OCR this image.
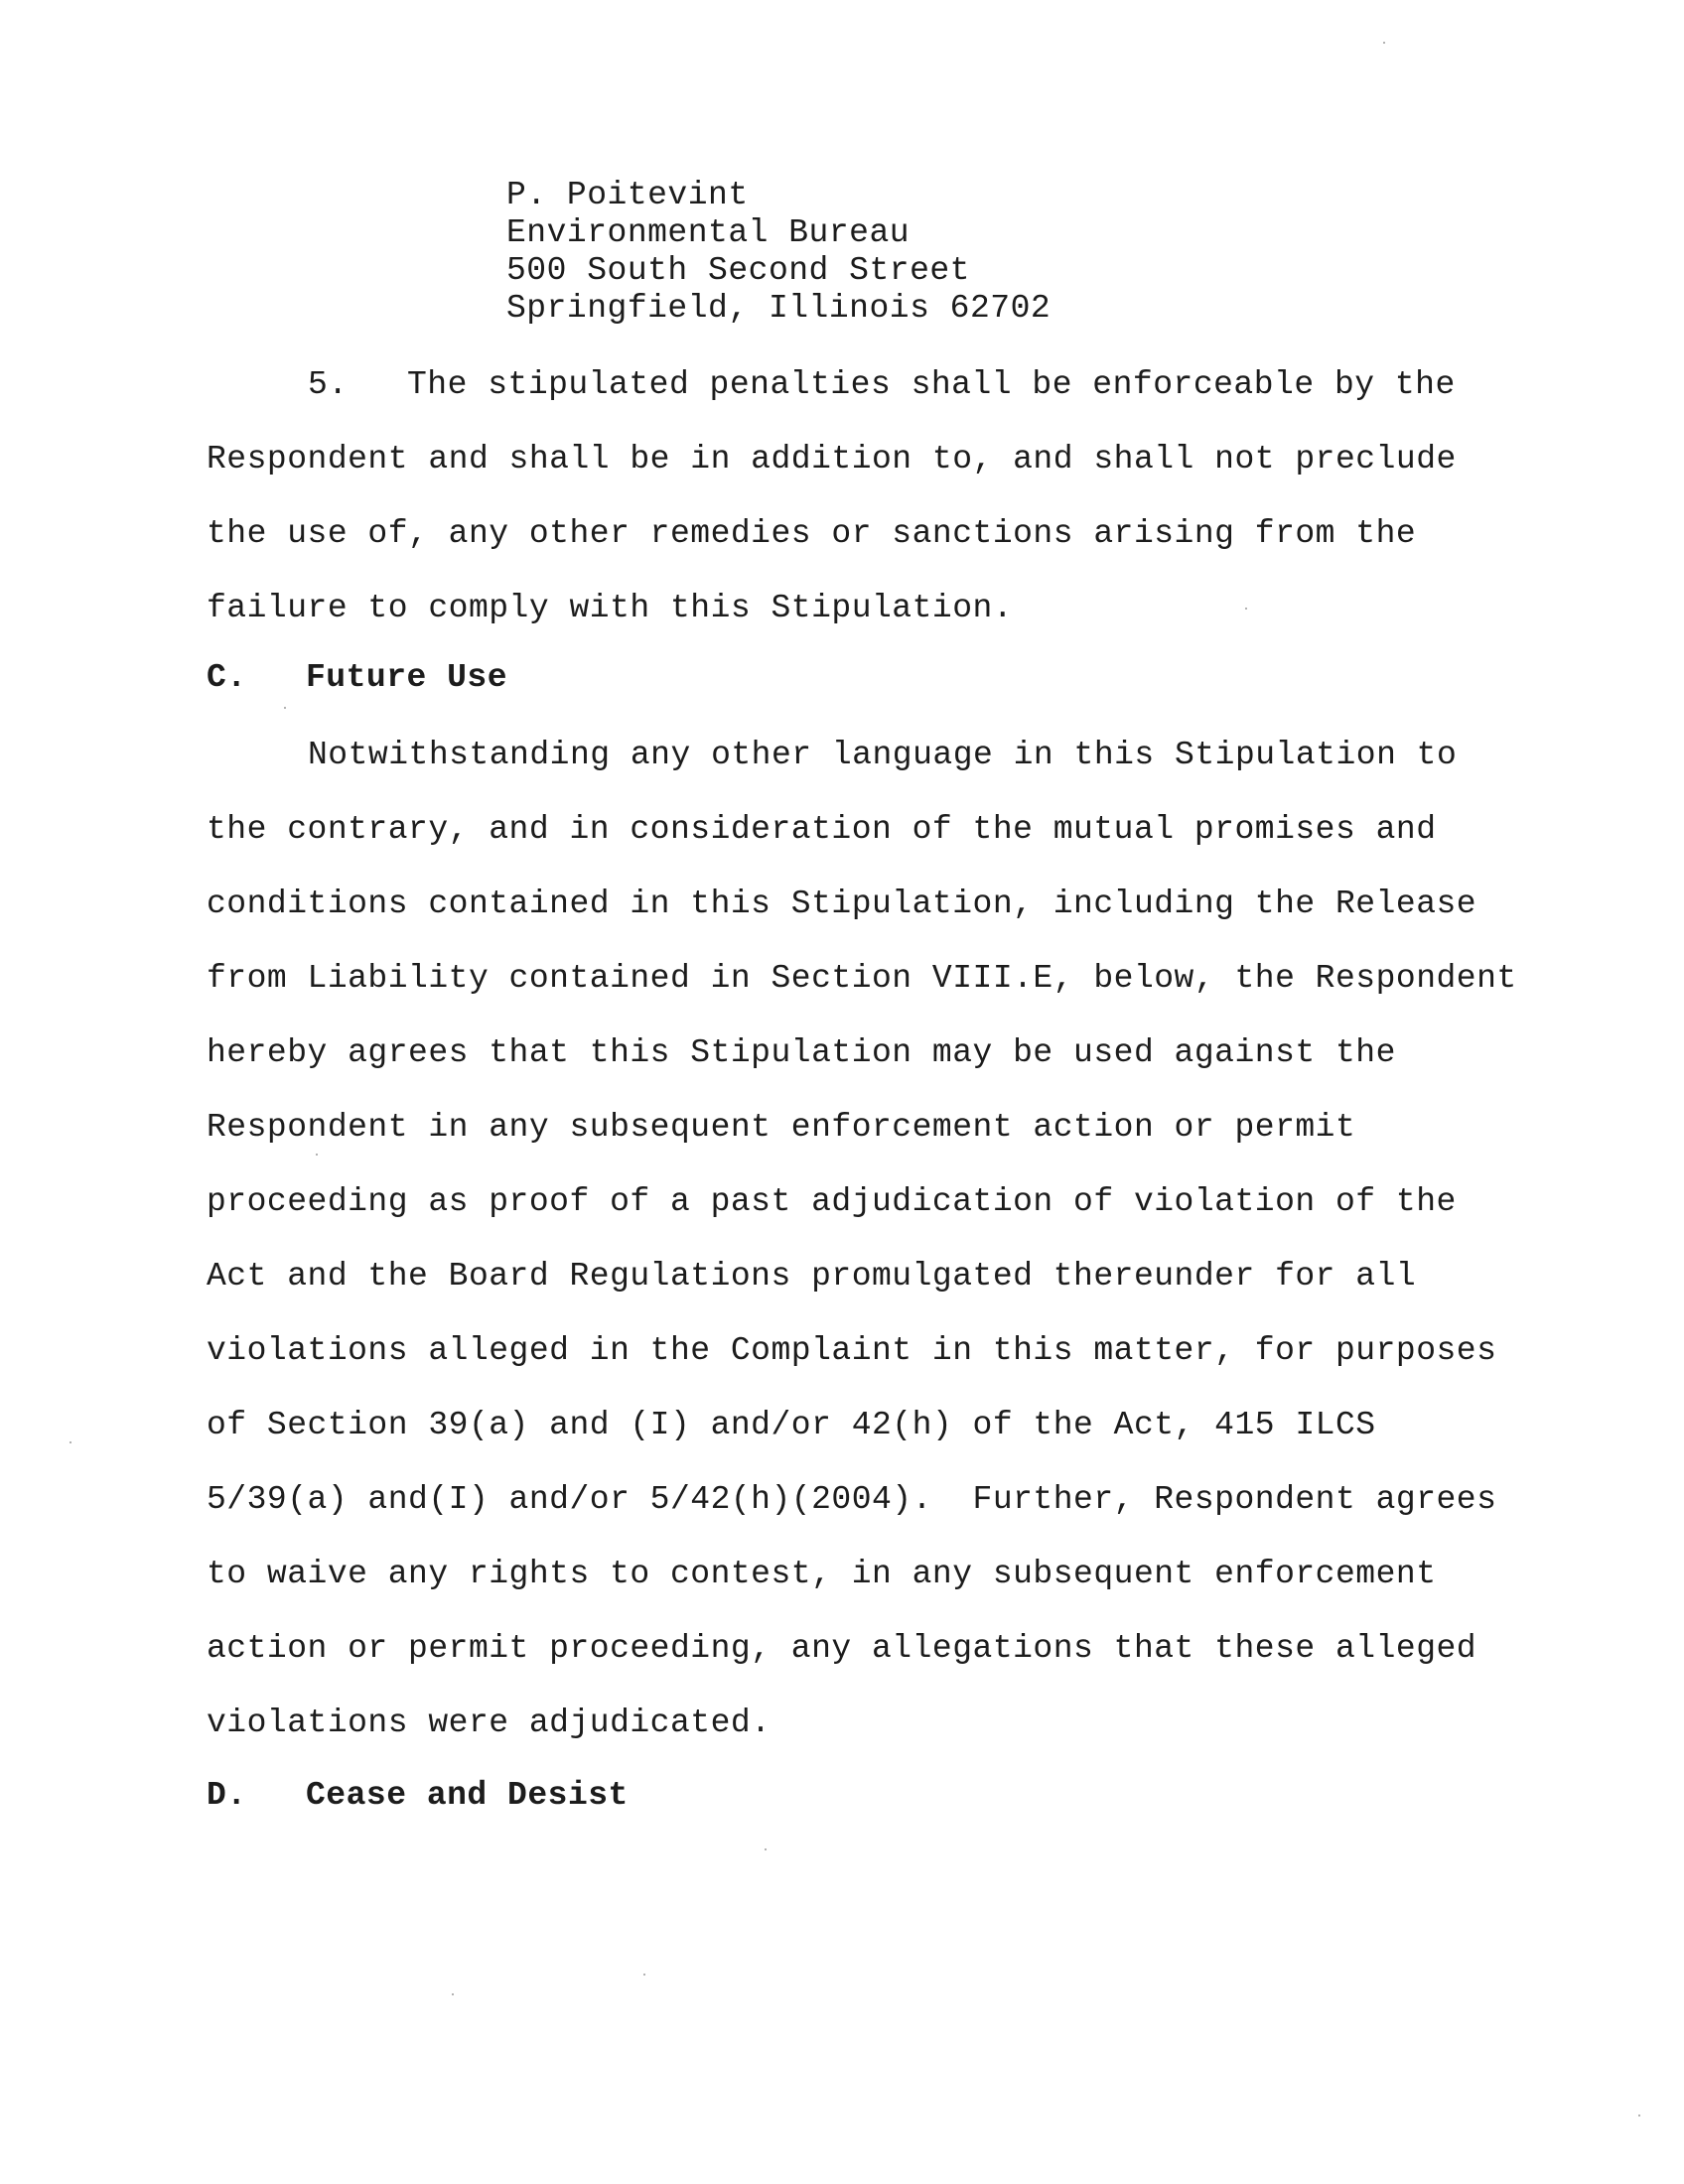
P. Poitevint
Environmental Bureau
500 South Second Street
Springfield, Illinois 62702
5. The stipulated penalties shall be enforceable by the
Respondent and shall be in addition to, and shall not preclude
the use of, any other remedies or sanctions arising from the
failure to comply with this Stipulation.
C. Future Use
Notwithstanding any other language in this Stipulation to
the contrary, and in consideration of the mutual promises and
conditions contained in this Stipulation, including the Release
from Liability contained in Section VIII.E, below, the Respondent
hereby agrees that this Stipulation may be used against the
Respondent in any subsequent enforcement action or permit
proceeding as proof of a past adjudication of violation of the
Act and the Board Regulations promulgated thereunder for all
violations alleged in the Complaint in this matter, for purposes
of Section 39(a) and (I) and/or 42(h) of the Act, 415 ILCS
5/39(a) and(I) and/or 5/42(h)(2004).  Further, Respondent agrees
to waive any rights to contest, in any subsequent enforcement
action or permit proceeding, any allegations that these alleged
violations were adjudicated.
D. Cease and Desist
